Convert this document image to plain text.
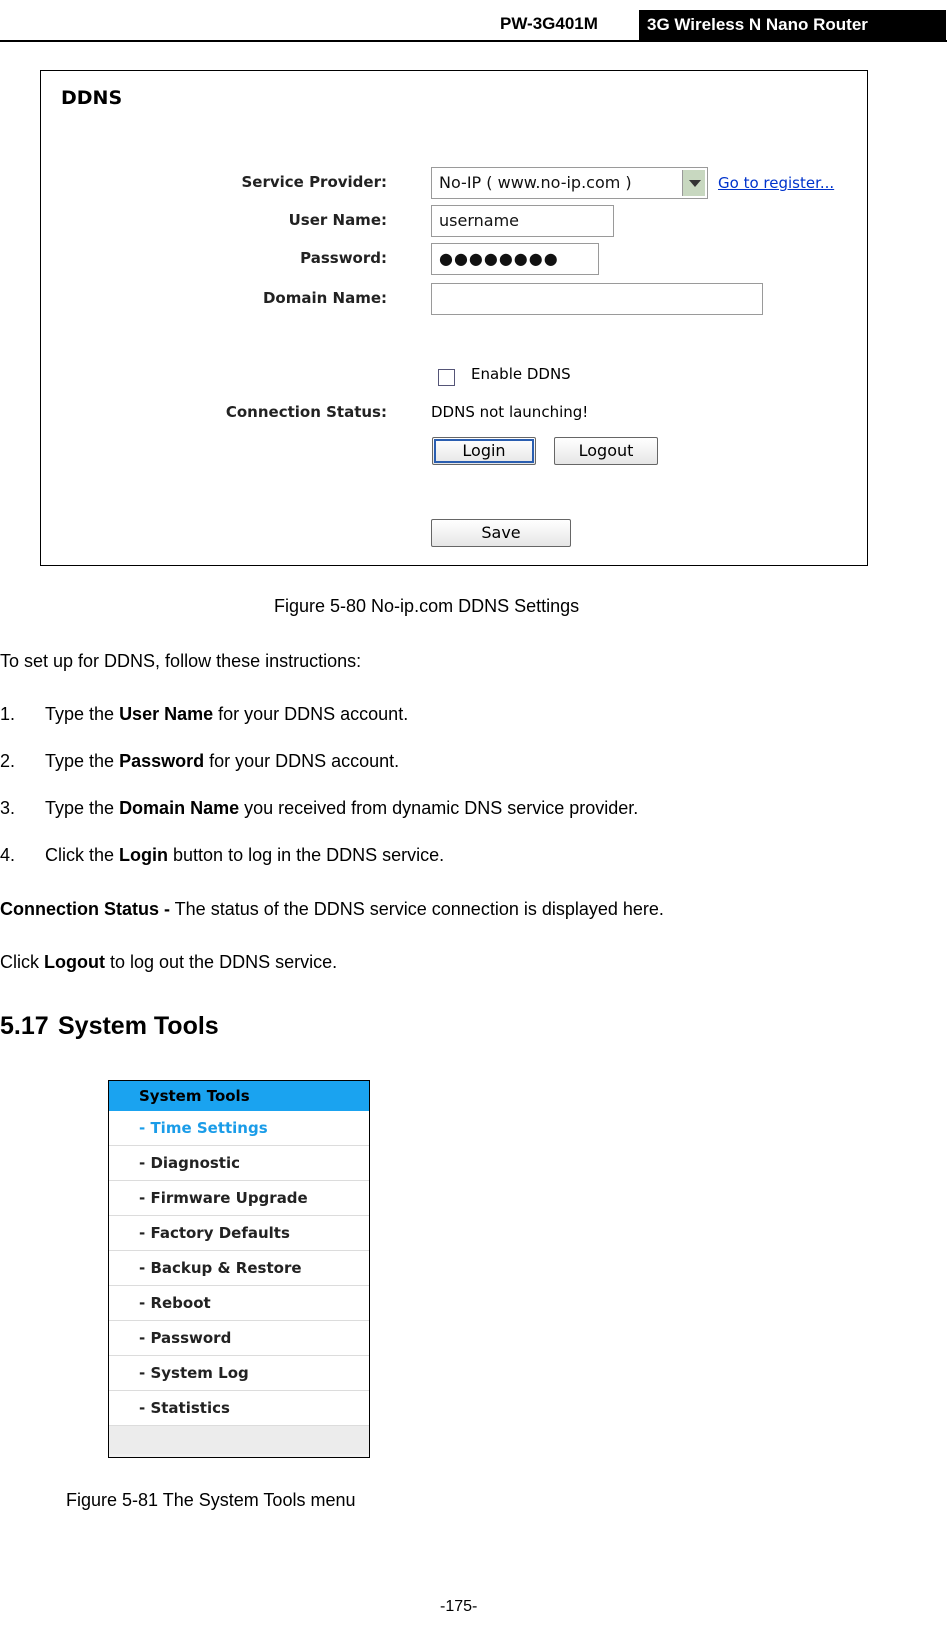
PW-3G401M	3G Wireless N Nano Router
DDNS
Service Provider:	No-IP ( www.no-ip.com )	Go to register...
User Name:	username
Password:	●●●●●●●●
Domain Name:
Enable DDNS
Connection Status:	DDNS not launching!
Login	Logout
Save
Figure 5-80 No-ip.com DDNS Settings
To set up for DDNS, follow these instructions:
1. Type the User Name for your DDNS account.
2. Type the Password for your DDNS account.
3. Type the Domain Name you received from dynamic DNS service provider.
4. Click the Login button to log in the DDNS service.
Connection Status - The status of the DDNS service connection is displayed here.
Click Logout to log out the DDNS service.
5.17 System Tools
System Tools
- Time Settings
- Diagnostic
- Firmware Upgrade
- Factory Defaults
- Backup & Restore
- Reboot
- Password
- System Log
- Statistics
Figure 5-81 The System Tools menu
-175-
